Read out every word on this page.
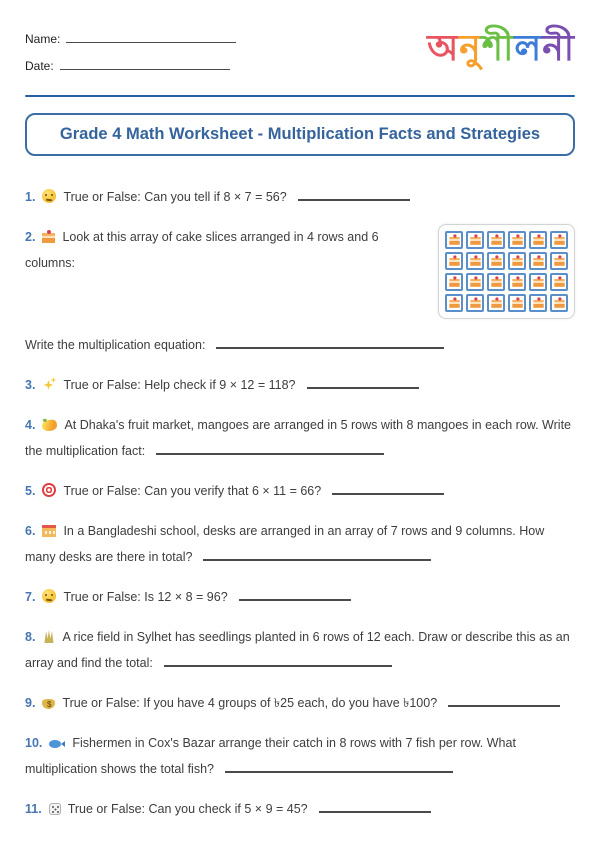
Name:
Date:	অনুশীলনী
Grade 4 Math Worksheet - Multiplication Facts and Strategies

1. True or False: Can you tell if 8 × 7 = 56?

2. Look at this array of cake slices arranged in 4 rows and 6 columns:

Write the multiplication equation:

3. True or False: Help check if 9 × 12 = 118?

4. At Dhaka's fruit market, mangoes are arranged in 5 rows with 8 mangoes in each row. Write the multiplication fact:

5. True or False: Can you verify that 6 × 11 = 66?

6. In a Bangladeshi school, desks are arranged in an array of 7 rows and 9 columns. How many desks are there in total?

7. True or False: Is 12 × 8 = 96?

8. A rice field in Sylhet has seedlings planted in 6 rows of 12 each. Draw or describe this as an array and find the total:

9. $ True or False: If you have 4 groups of ৳25 each, do you have ৳100?

10. Fishermen in Cox's Bazar arrange their catch in 8 rows with 7 fish per row. What multiplication shows the total fish?

11. True or False: Can you check if 5 × 9 = 45?
